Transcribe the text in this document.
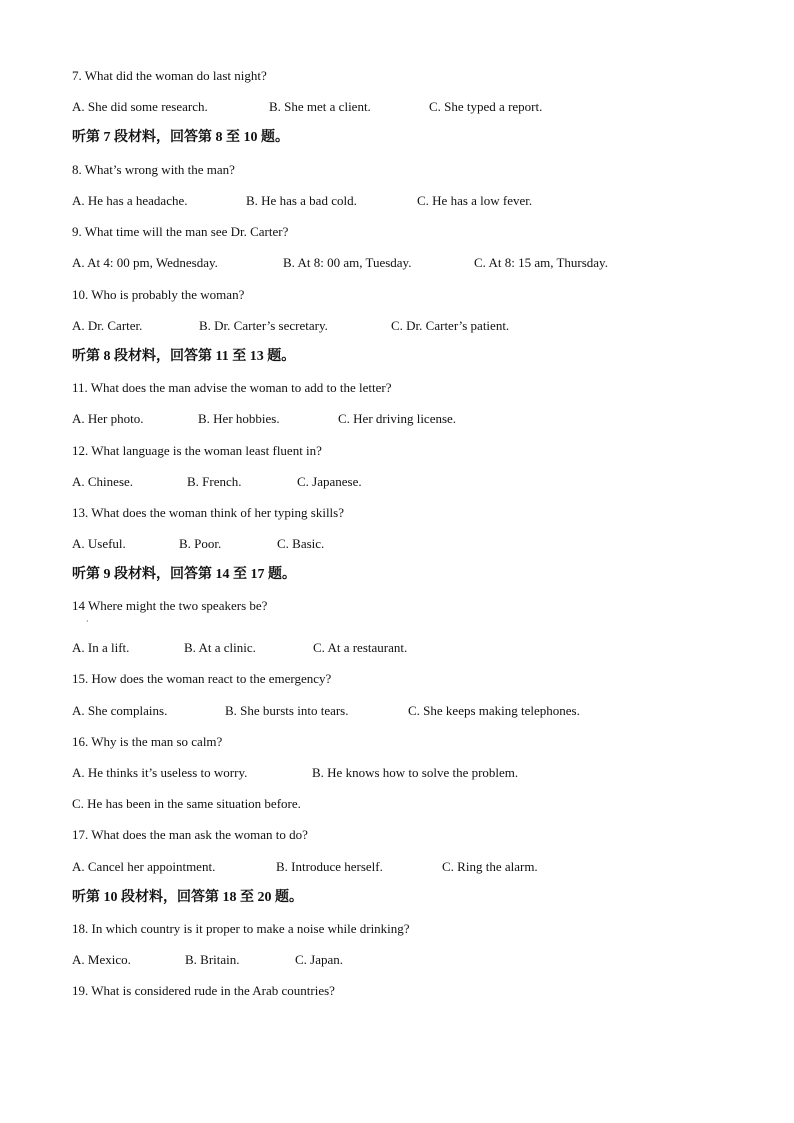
·
7. What did the woman do last night?
A. She did some research.	B. She met a client.	C. She typed a report.
听第 7 段材料，回答第 8 至 10 题。
8. What’s wrong with the man?
A. He has a headache.	B. He has a bad cold.	C. He has a low fever.
9. What time will the man see Dr. Carter?
A. At 4: 00 pm, Wednesday.	B. At 8: 00 am, Tuesday.	C. At 8: 15 am, Thursday.
10. Who is probably the woman?
A. Dr. Carter.	B. Dr. Carter’s secretary.	C. Dr. Carter’s patient.
听第 8 段材料，回答第 11 至 13 题。
11. What does the man advise the woman to add to the letter?
A. Her photo.	B. Her hobbies.	C. Her driving license.
12. What language is the woman least fluent in?
A. Chinese.	B. French.	C. Japanese.
13. What does the woman think of her typing skills?
A. Useful.	B. Poor.	C. Basic.
听第 9 段材料，回答第 14 至 17 题。
14 Where might the two speakers be?
A. In a lift.	B. At a clinic.	C. At a restaurant.
15. How does the woman react to the emergency?
A. She complains.	B. She bursts into tears.	C. She keeps making telephones.
16. Why is the man so calm?
A. He thinks it’s useless to worry.	B. He knows how to solve the problem.
C. He has been in the same situation before.
17. What does the man ask the woman to do?
A. Cancel her appointment.	B. Introduce herself.	C. Ring the alarm.
听第 10 段材料，回答第 18 至 20 题。
18. In which country is it proper to make a noise while drinking?
A. Mexico.	B. Britain.	C. Japan.
19. What is considered rude in the Arab countries?
